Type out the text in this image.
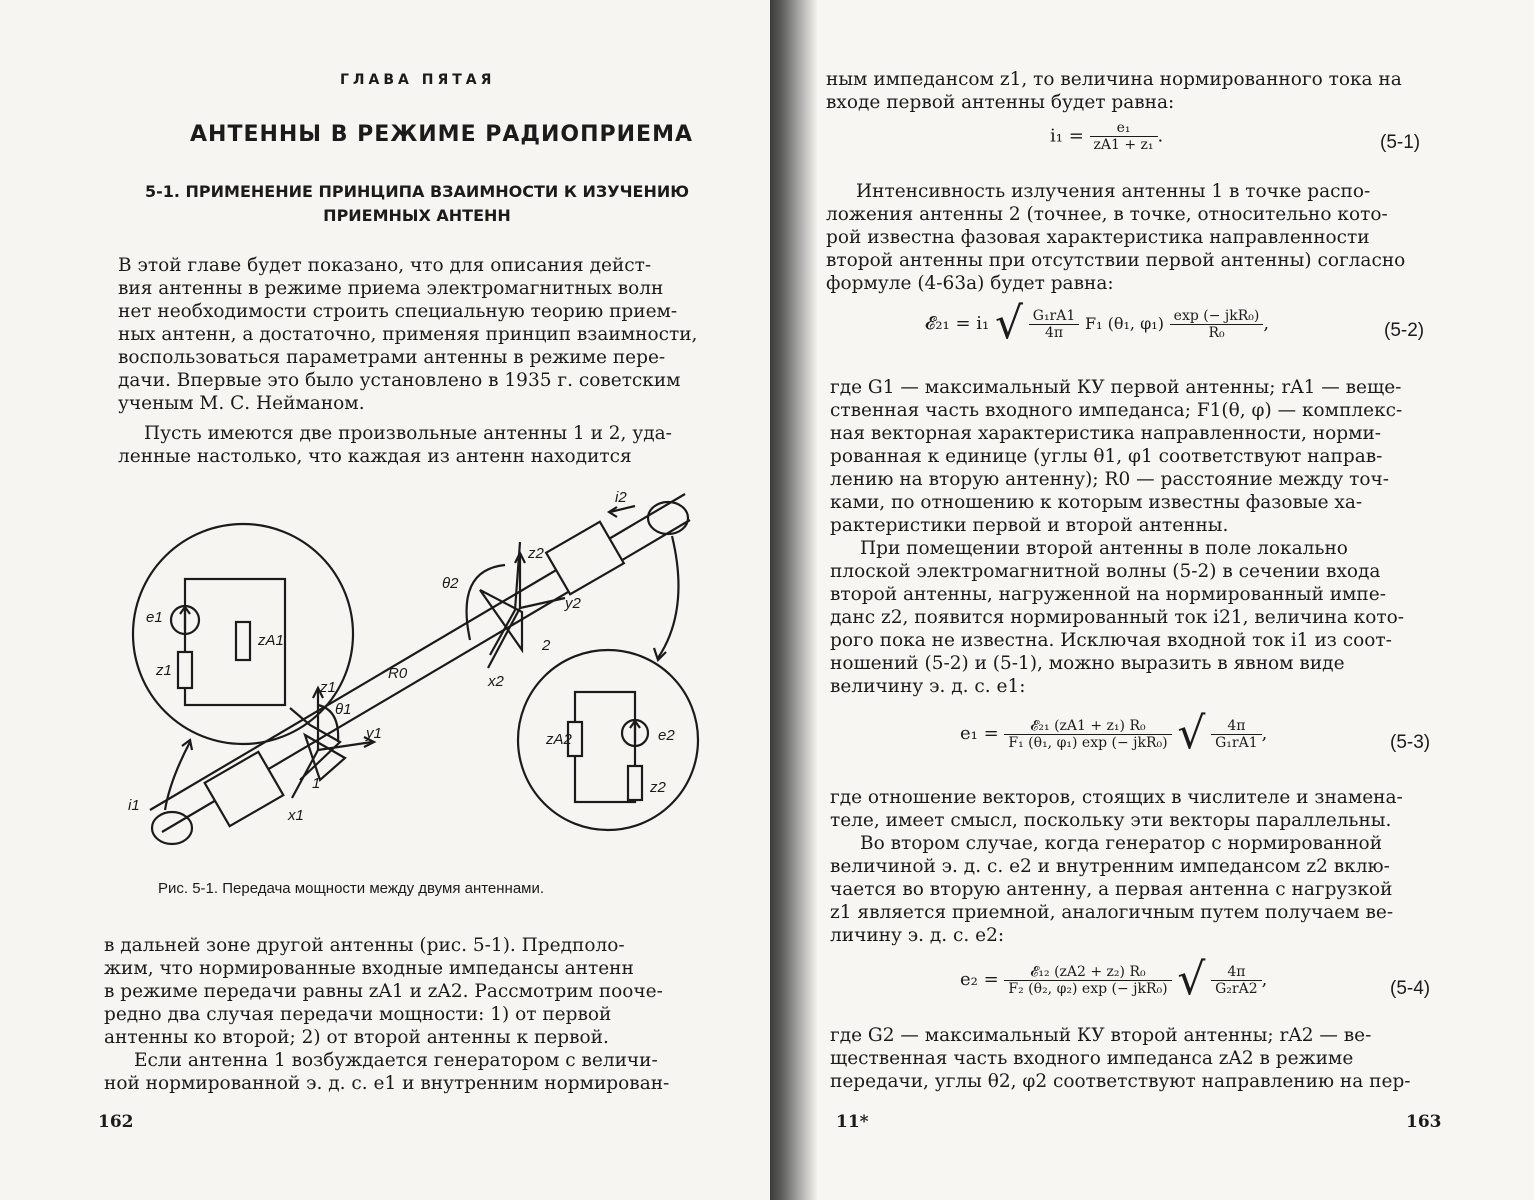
ГЛАВА ПЯТАЯ
АНТЕННЫ В РЕЖИМЕ РАДИОПРИЕМА
5-1. ПРИМЕНЕНИЕ ПРИНЦИПА ВЗАИМНОСТИ К ИЗУЧЕНИЮ
ПРИЕМНЫХ АНТЕНН
В этой главе будет показано, что для описания дейст-
вия антенны в режиме приема электромагнитных волн
нет необходимости строить специальную теорию прием-
ных антенн, а достаточно, применяя принцип взаимности,
воспользоваться параметрами антенны в режиме пере-
дачи. Впервые это было установлено в 1935 г. советским
ученым М. С. Нейманом.
Пусть имеются две произвольные антенны 1 и 2, уда-
ленные настолько, что каждая из антенн находится
e1
zA1
z1
i1
x1
y1
z1
θ1
1
R0
i2
z2
θ2
y2
x2
2
zA2	e2
z2
Рис. 5-1. Передача мощности между двумя антеннами.
в дальней зоне другой антенны (рис. 5-1). Предполо-
жим, что нормированные входные импедансы антенн
в режиме передачи равны zA1 и zA2. Рассмотрим пооче-
редно два случая передачи мощности: 1) от первой
антенны ко второй; 2) от второй антенны к первой.
Если антенна 1 возбуждается генератором с величи-
ной нормированной э. д. с. e1 и внутренним нормирован-
162
ным импедансом z1, то величина нормированного тока на
входе первой антенны будет равна:
$i_1 = \frac{\text{e₁}}{\text{zA1 + z₁}}$ .	(5-1)
Интенсивность излучения антенны 1 в точке распо-
ложения антенны 2 (точнее, в точке, относительно кото-
рой известна фазовая характеристика направленности
второй антенны при отсутствии первой антенны) согласно
формуле (4-63а) будет равна:
𝓔₂₁ = i₁ √ $\frac{\text{G₁rA1}}{4\pi} F_1$ (θ₁, $\varphi_1) \frac{\text{exp (− jkR₀)}}{\text{R₀}}$ ,	(5-2)
где G1 — максимальный КУ первой антенны; rA1 — веще-
ственная часть входного импеданса; F1(θ, φ) — комплекс-
ная векторная характеристика направленности, норми-
рованная к единице (углы θ1, φ1 соответствуют направ-
лению на вторую антенну); R0 — расстояние между точ-
ками, по отношению к которым известны фазовые ха-
рактеристики первой и второй антенны.
При помещении второй антенны в поле локально
плоской электромагнитной волны (5-2) в сечении входа
второй антенны, нагруженной на нормированный импе-
данс z2, появится нормированный ток i21, величина кото-
рого пока не известна. Исключая входной ток i1 из соот-
ношений (5-2) и (5-1), можно выразить в явном виде
величину э. д. с. e1:
$e_1 = \frac{\text{𝓔₂₁ (zA1 + z₁) R₀}}{\text{F₁ (θ₁, φ₁) exp (− jkR₀)}}$ √ $\frac{4\pi}{\text{G₁rA1}}$ ,	(5-3)
где отношение векторов, стоящих в числителе и знамена-
теле, имеет смысл, поскольку эти векторы параллельны.
Во втором случае, когда генератор с нормированной
величиной э. д. с. e2 и внутренним импедансом z2 вклю-
чается во вторую антенну, а первая антенна с нагрузкой
z1 является приемной, аналогичным путем получаем ве-
личину э. д. с. e2:
$e_2 = \frac{\text{𝓔₁₂ (zA2 + z₂) R₀}}{\text{F₂ (θ₂, φ₂) exp (− jkR₀)}}$ √ $\frac{4\pi}{\text{G₂rA2}}$ ,	(5-4)
где G2 — максимальный КУ второй антенны; rA2 — ве-
щественная часть входного импеданса zA2 в режиме
передачи, углы θ2, φ2 соответствуют направлению на пер-
11*	163
